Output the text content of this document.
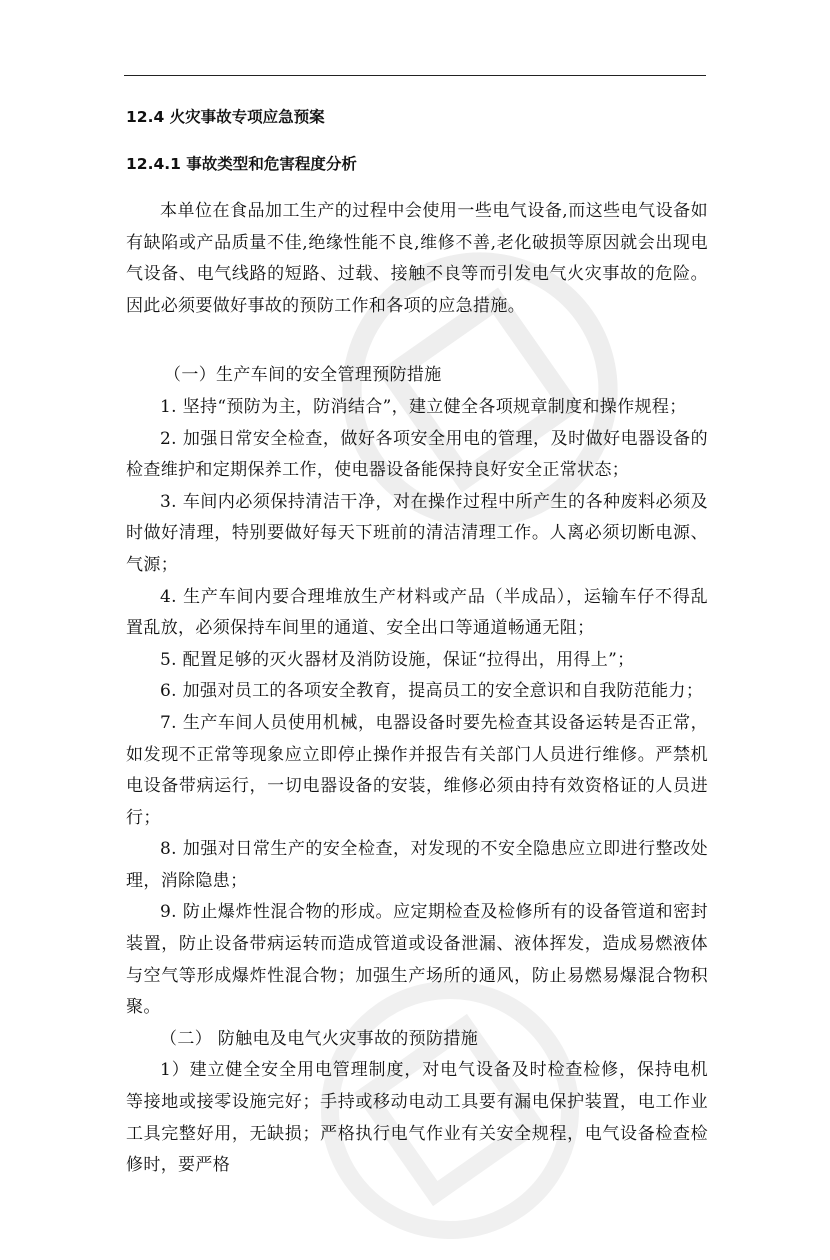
12.4 火灾事故专项应急预案
12.4.1 事故类型和危害程度分析

本单位在食品加工生产的过程中会使用一些电气设备,而这些电气设备如有缺陷或产品质量不佳,绝缘性能不良,维修不善,老化破损等原因就会出现电气设备、电气线路的短路、过载、接触不良等而引发电气火灾事故的危险。因此必须要做好事故的预防工作和各项的应急措施。

（一）生产车间的安全管理预防措施

1. 坚持“预防为主，防消结合”，建立健全各项规章制度和操作规程；

2. 加强日常安全检查，做好各项安全用电的管理，及时做好电器设备的检查维护和定期保养工作，使电器设备能保持良好安全正常状态；

3. 车间内必须保持清洁干净，对在操作过程中所产生的各种废料必须及时做好清理，特别要做好每天下班前的清洁清理工作。人离必须切断电源、气源；

4. 生产车间内要合理堆放生产材料或产品（半成品），运输车仔不得乱置乱放，必须保持车间里的通道、安全出口等通道畅通无阻；

5. 配置足够的灭火器材及消防设施，保证“拉得出，用得上”；

6. 加强对员工的各项安全教育，提高员工的安全意识和自我防范能力；

7. 生产车间人员使用机械，电器设备时要先检查其设备运转是否正常，如发现不正常等现象应立即停止操作并报告有关部门人员进行维修。严禁机电设备带病运行，一切电器设备的安装，维修必须由持有效资格证的人员进行；

8. 加强对日常生产的安全检查，对发现的不安全隐患应立即进行整改处理，消除隐患；

9. 防止爆炸性混合物的形成。应定期检查及检修所有的设备管道和密封装置，防止设备带病运转而造成管道或设备泄漏、液体挥发，造成易燃液体与空气等形成爆炸性混合物；加强生产场所的通风，防止易燃易爆混合物积聚。

（二） 防触电及电气火灾事故的预防措施

1）建立健全安全用电管理制度，对电气设备及时检查检修，保持电机等接地或接零设施完好；手持或移动电动工具要有漏电保护装置，电工作业工具完整好用，无缺损；严格执行电气作业有关安全规程，电气设备检查检修时，要严格
